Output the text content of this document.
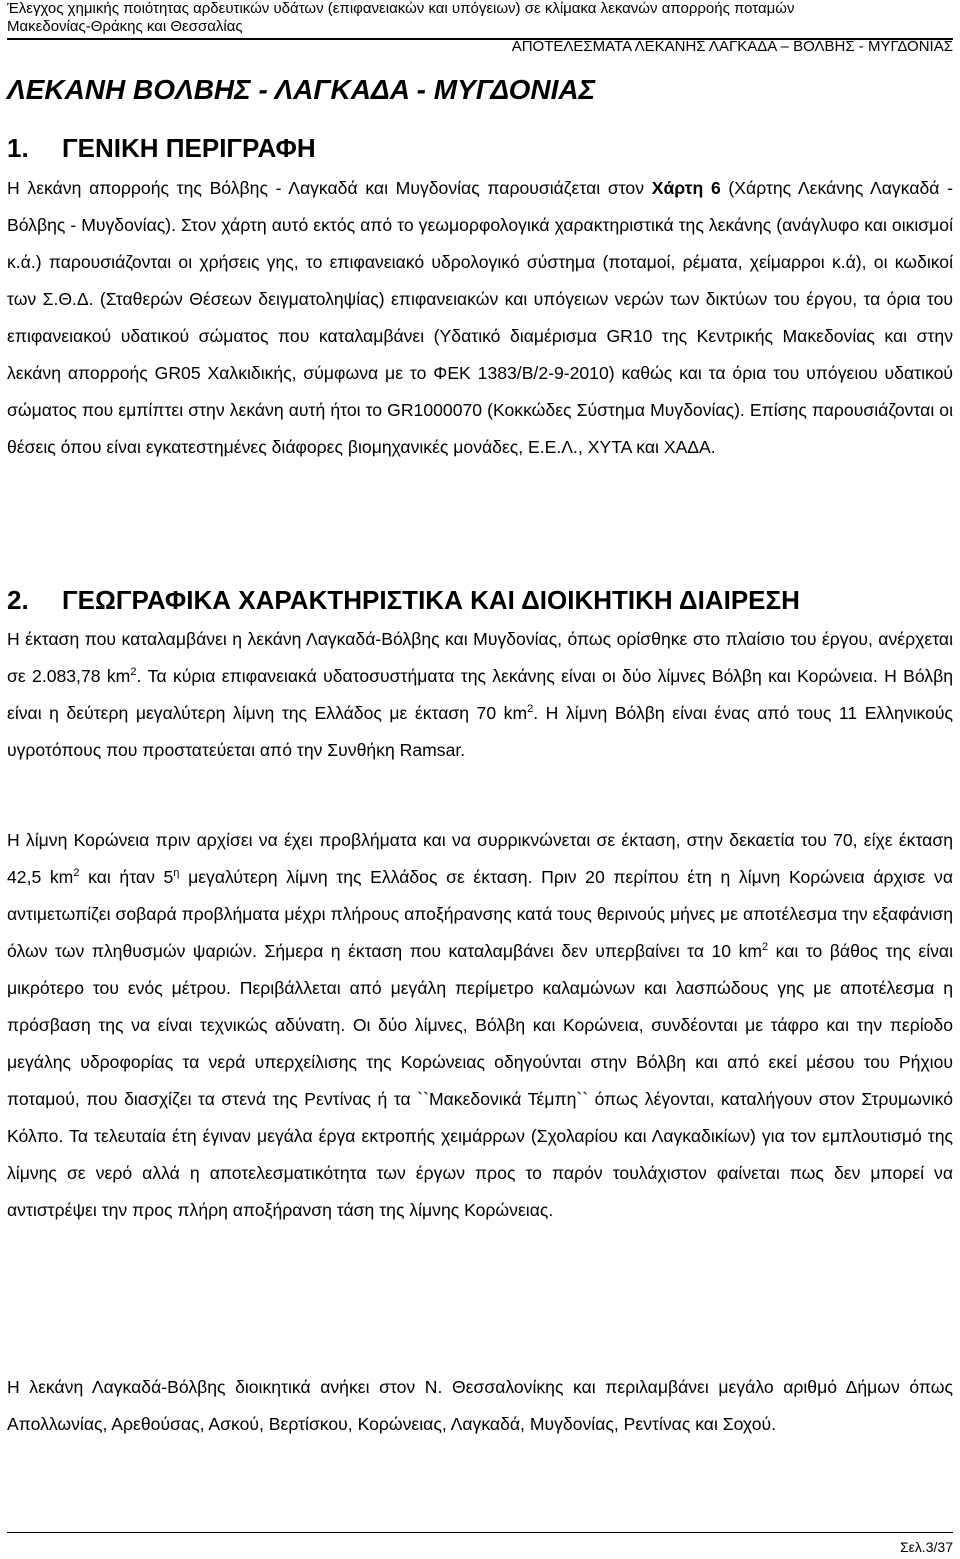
Έλεγχος χημικής ποιότητας αρδευτικών υδάτων (επιφανειακών και υπόγειων) σε κλίμακα λεκανών απορροής ποταμών
Μακεδονίας-Θράκης και Θεσσαλίας
ΑΠΟΤΕΛΕΣΜΑΤΑ ΛΕΚΑΝΗΣ ΛΑΓΚΑΔΑ – ΒΟΛΒΗΣ - ΜΥΓΔΟΝΙΑΣ
ΛΕΚΑΝΗ ΒΟΛΒΗΣ - ΛΑΓΚΑΔΑ - ΜΥΓΔΟΝΙΑΣ
1. ΓΕΝΙΚΗ ΠΕΡΙΓΡΑΦΗ

Η λεκάνη απορροής της Βόλβης - Λαγκαδά και Μυγδονίας παρουσιάζεται στον Χάρτη 6 (Χάρτης Λεκάνης Λαγκαδά - Βόλβης - Μυγδονίας). Στον χάρτη αυτό εκτός από το γεωμορφολογικά χαρακτηριστικά της λεκάνης (ανάγλυφο και οικισμοί κ.ά.) παρουσιάζονται οι χρήσεις γης, το επιφανειακό υδρολογικό σύστημα (ποταμοί, ρέματα, χείμαρροι κ.ά), οι κωδικοί των Σ.Θ.Δ. (Σταθερών Θέσεων δειγματοληψίας) επιφανειακών και υπόγειων νερών των δικτύων του έργου, τα όρια του επιφανειακού υδατικού σώματος που καταλαμβάνει (Υδατικό διαμέρισμα GR10 της Κεντρικής Μακεδονίας και στην λεκάνη απορροής GR05 Χαλκιδικής, σύμφωνα με το ΦΕΚ 1383/Β/2-9-2010) καθώς και τα όρια του υπόγειου υδατικού σώματος που εμπίπτει στην λεκάνη αυτή ήτοι το GR1000070 (Κοκκώδες Σύστημα Μυγδονίας). Επίσης παρουσιάζονται οι θέσεις όπου είναι εγκατεστημένες διάφορες βιομηχανικές μονάδες, Ε.Ε.Λ., ΧΥΤΑ και ΧΑΔΑ.

2. ΓΕΩΓΡΑΦΙΚΑ ΧΑΡΑΚΤΗΡΙΣΤΙΚΑ ΚΑΙ ΔΙΟΙΚΗΤΙΚΗ ΔΙΑΙΡΕΣΗ

Η έκταση που καταλαμβάνει η λεκάνη Λαγκαδά-Βόλβης και Μυγδονίας, όπως ορίσθηκε στο πλαίσιο του έργου, ανέρχεται σε 2.083,78 $km^2$. Τα κύρια επιφανειακά υδατοσυστήματα της λεκάνης είναι οι δύο λίμνες Βόλβη και Κορώνεια. Η Βόλβη είναι η δεύτερη μεγαλύτερη λίμνη της Ελλάδος με έκταση 70 $km^2$. Η λίμνη Βόλβη είναι ένας από τους 11 Ελληνικούς υγροτόπους που προστατεύεται από την Συνθήκη Ramsar.

Η λίμνη Κορώνεια πριν αρχίσει να έχει προβλήματα και να συρρικνώνεται σε έκταση, στην δεκαετία του 70, είχε έκταση 42,5 $km^2$ και ήταν $5^\eta$ μεγαλύτερη λίμνη της Ελλάδος σε έκταση. Πριν 20 περίπου έτη η λίμνη Κορώνεια άρχισε να αντιμετωπίζει σοβαρά προβλήματα μέχρι πλήρους αποξήρανσης κατά τους θερινούς μήνες με αποτέλεσμα την εξαφάνιση όλων των πληθυσμών ψαριών. Σήμερα η έκταση που καταλαμβάνει δεν υπερβαίνει τα 10 $km^2$ και το βάθος της είναι μικρότερο του ενός μέτρου. Περιβάλλεται από μεγάλη περίμετρο καλαμώνων και λασπώδους γης με αποτέλεσμα η πρόσβαση της να είναι τεχνικώς αδύνατη. Οι δύο λίμνες, Βόλβη και Κορώνεια, συνδέονται με τάφρο και την περίοδο μεγάλης υδροφορίας τα νερά υπερχείλισης της Κορώνειας οδηγούνται στην Βόλβη και από εκεί μέσου του Ρήχιου ποταμού, που διασχίζει τα στενά της Ρεντίνας ή τα ``Μακεδονικά Τέμπη`` όπως λέγονται, καταλήγουν στον Στρυμωνικό Κόλπο. Τα τελευταία έτη έγιναν μεγάλα έργα εκτροπής χειμάρρων (Σχολαρίου και Λαγκαδικίων) για τον εμπλουτισμό της λίμνης σε νερό αλλά η αποτελεσματικότητα των έργων προς το παρόν τουλάχιστον φαίνεται πως δεν μπορεί να αντιστρέψει την προς πλήρη αποξήρανση τάση της λίμνης Κορώνειας.

Η λεκάνη Λαγκαδά-Βόλβης διοικητικά ανήκει στον Ν. Θεσσαλονίκης και περιλαμβάνει μεγάλο αριθμό Δήμων όπως Απολλωνίας, Αρεθούσας, Ασκού, Βερτίσκου, Κορώνειας, Λαγκαδά, Μυγδονίας, Ρεντίνας και Σοχού.

Σελ.3/37
